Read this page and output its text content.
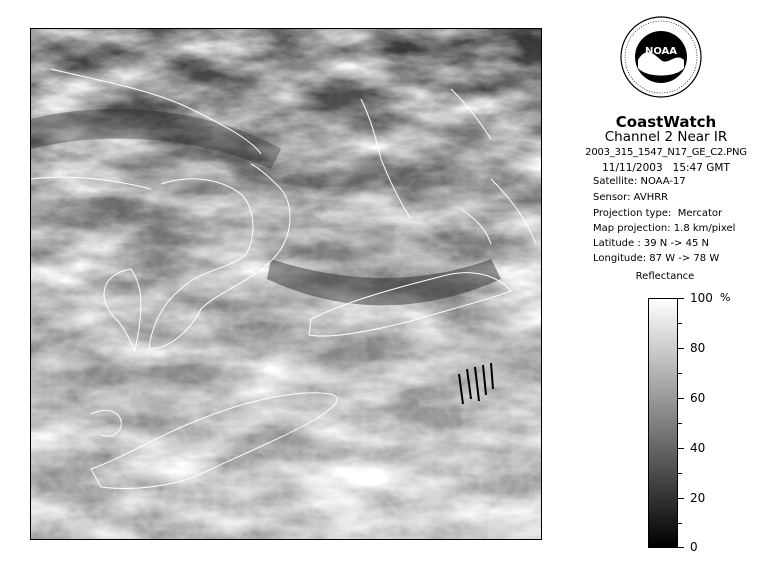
NOAA
CoastWatch
Channel 2 Near IR
2003_315_1547_N17_GE_C2.PNG
11/11/2003   15:47 GMT
Satellite: NOAA-17
Sensor: AVHRR
Projection type:  Mercator
Map projection: 1.8 km/pixel
Latitude : 39 N -> 45 N
Longitude: 87 W -> 78 W
Reflectance
%
100
80
60
40
20
0
